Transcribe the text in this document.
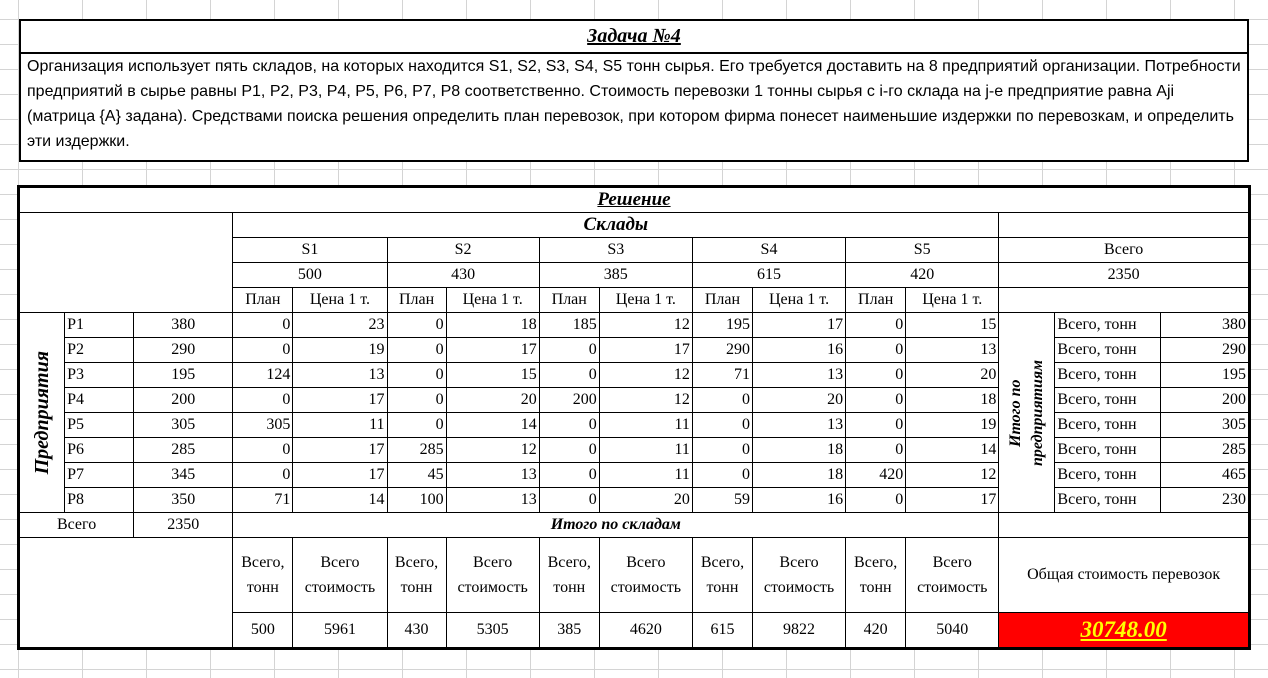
Задача №4
Организация использует пять складов, на которых находится S1, S2, S3, S4, S5 тонн сырья. Его требуется доставить на 8 предприятий организации. Потребности предприятий в сырье равны P1, P2, P3, P4, P5, P6, P7, P8 соответственно. Стоимость перевозки 1 тонны сырья с i-го склада на j-е предприятие равна Aji (матрица {A} задана). Средствами поиска решения определить план перевозок, при котором фирма понесет наименьшие издержки по перевозкам, и определить эти издержки.
Решение															
			Склады												
			S1		S2		S3		S4		S5		Всего		
			500		430		385		615		420		2350		
			План	Цена 1 т.	План	Цена 1 т.	План	Цена 1 т.	План	Цена 1 т.	План	Цена 1 т.			

Предприятия	P1	380	0	23	0	18	185	12	195	17	0	15	Итого по предприятиям	Всего, тонн	380
	P2	290	0	19	0	17	0	17	290	16	0	13		Всего, тонн	290
	P3	195	124	13	0	15	0	12	71	13	0	20		Всего, тонн	195
	P4	200	0	17	0	20	200	12	0	20	0	18		Всего, тонн	200
	P5	305	305	11	0	14	0	11	0	13	0	19		Всего, тонн	305
	P6	285	0	17	285	12	0	11	0	18	0	14		Всего, тонн	285
	P7	345	0	17	45	13	0	11	0	18	420	12		Всего, тонн	465
	P8	350	71	14	100	13	0	20	59	16	0	17		Всего, тонн	230
Всего		2350	Итого по складам												
			Всего, тонн	Всего стоимость	Всего, тонн	Всего стоимость	Всего, тонн	Всего стоимость	Всего, тонн	Всего стоимость	Всего, тонн	Всего стоимость	Общая стоимость перевозок		
			500	5961	430	5305	385	4620	615	9822	420	5040	30748.00		
